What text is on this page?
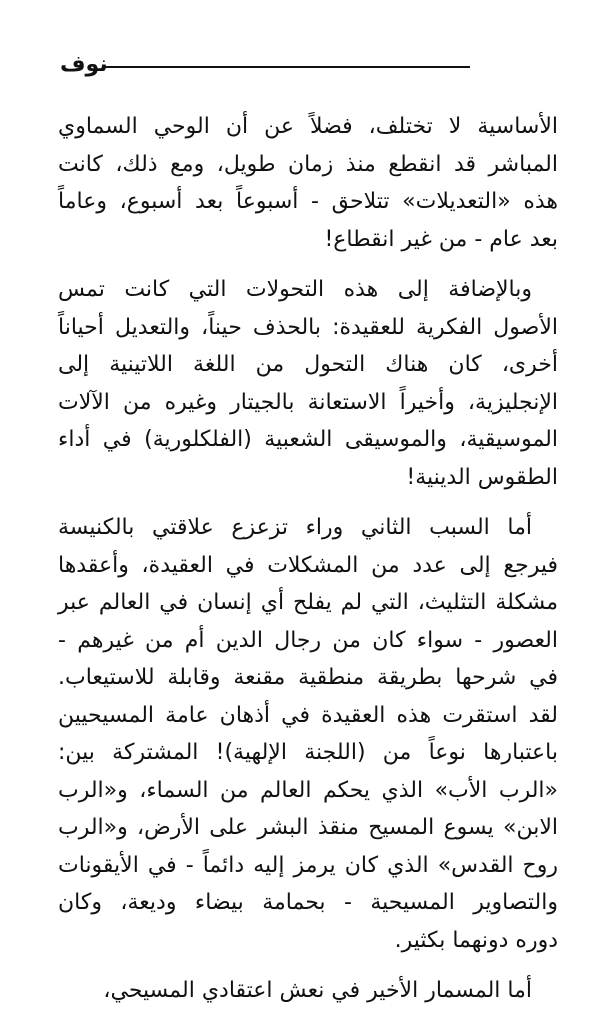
نوف

الأساسية لا تختلف، فضلاً عن أن الوحي السماوي
المباشر قد انقطع منذ زمان طويل، ومع ذلك، كانت
هذه «التعديلات» تتلاحق - أسبوعاً بعد أسبوع، وعاماً
بعد عام - من غير انقطاع!

وبالإضافة إلى هذه التحولات التي كانت تمس
الأصول الفكرية للعقيدة: بالحذف حيناً، والتعديل أحياناً
أخرى، كان هناك التحول من اللغة اللاتينية إلى
الإنجليزية، وأخيراً الاستعانة بالجيتار وغيره من الآلات
الموسيقية، والموسيقى الشعبية (الفلكلورية) في أداء
الطقوس الدينية!

أما السبب الثاني وراء تزعزع علاقتي بالكنيسة
فيرجع إلى عدد من المشكلات في العقيدة، وأعقدها
مشكلة التثليث، التي لم يفلح أي إنسان في العالم عبر
العصور - سواء كان من رجال الدين أم من غيرهم -
في شرحها بطريقة منطقية مقنعة وقابلة للاستيعاب.
لقد استقرت هذه العقيدة في أذهان عامة المسيحيين
باعتبارها نوعاً من (اللجنة الإلهية)! المشتركة بين:
«الرب الأب» الذي يحكم العالم من السماء، و«الرب
الابن» يسوع المسيح منقذ البشر على الأرض، و«الرب
روح القدس» الذي كان يرمز إليه دائماً - في الأيقونات
والتصاوير المسيحية - بحمامة بيضاء وديعة، وكان
دوره دونهما بكثير.

أما المسمار الأخير في نعش اعتقادي المسيحي،
